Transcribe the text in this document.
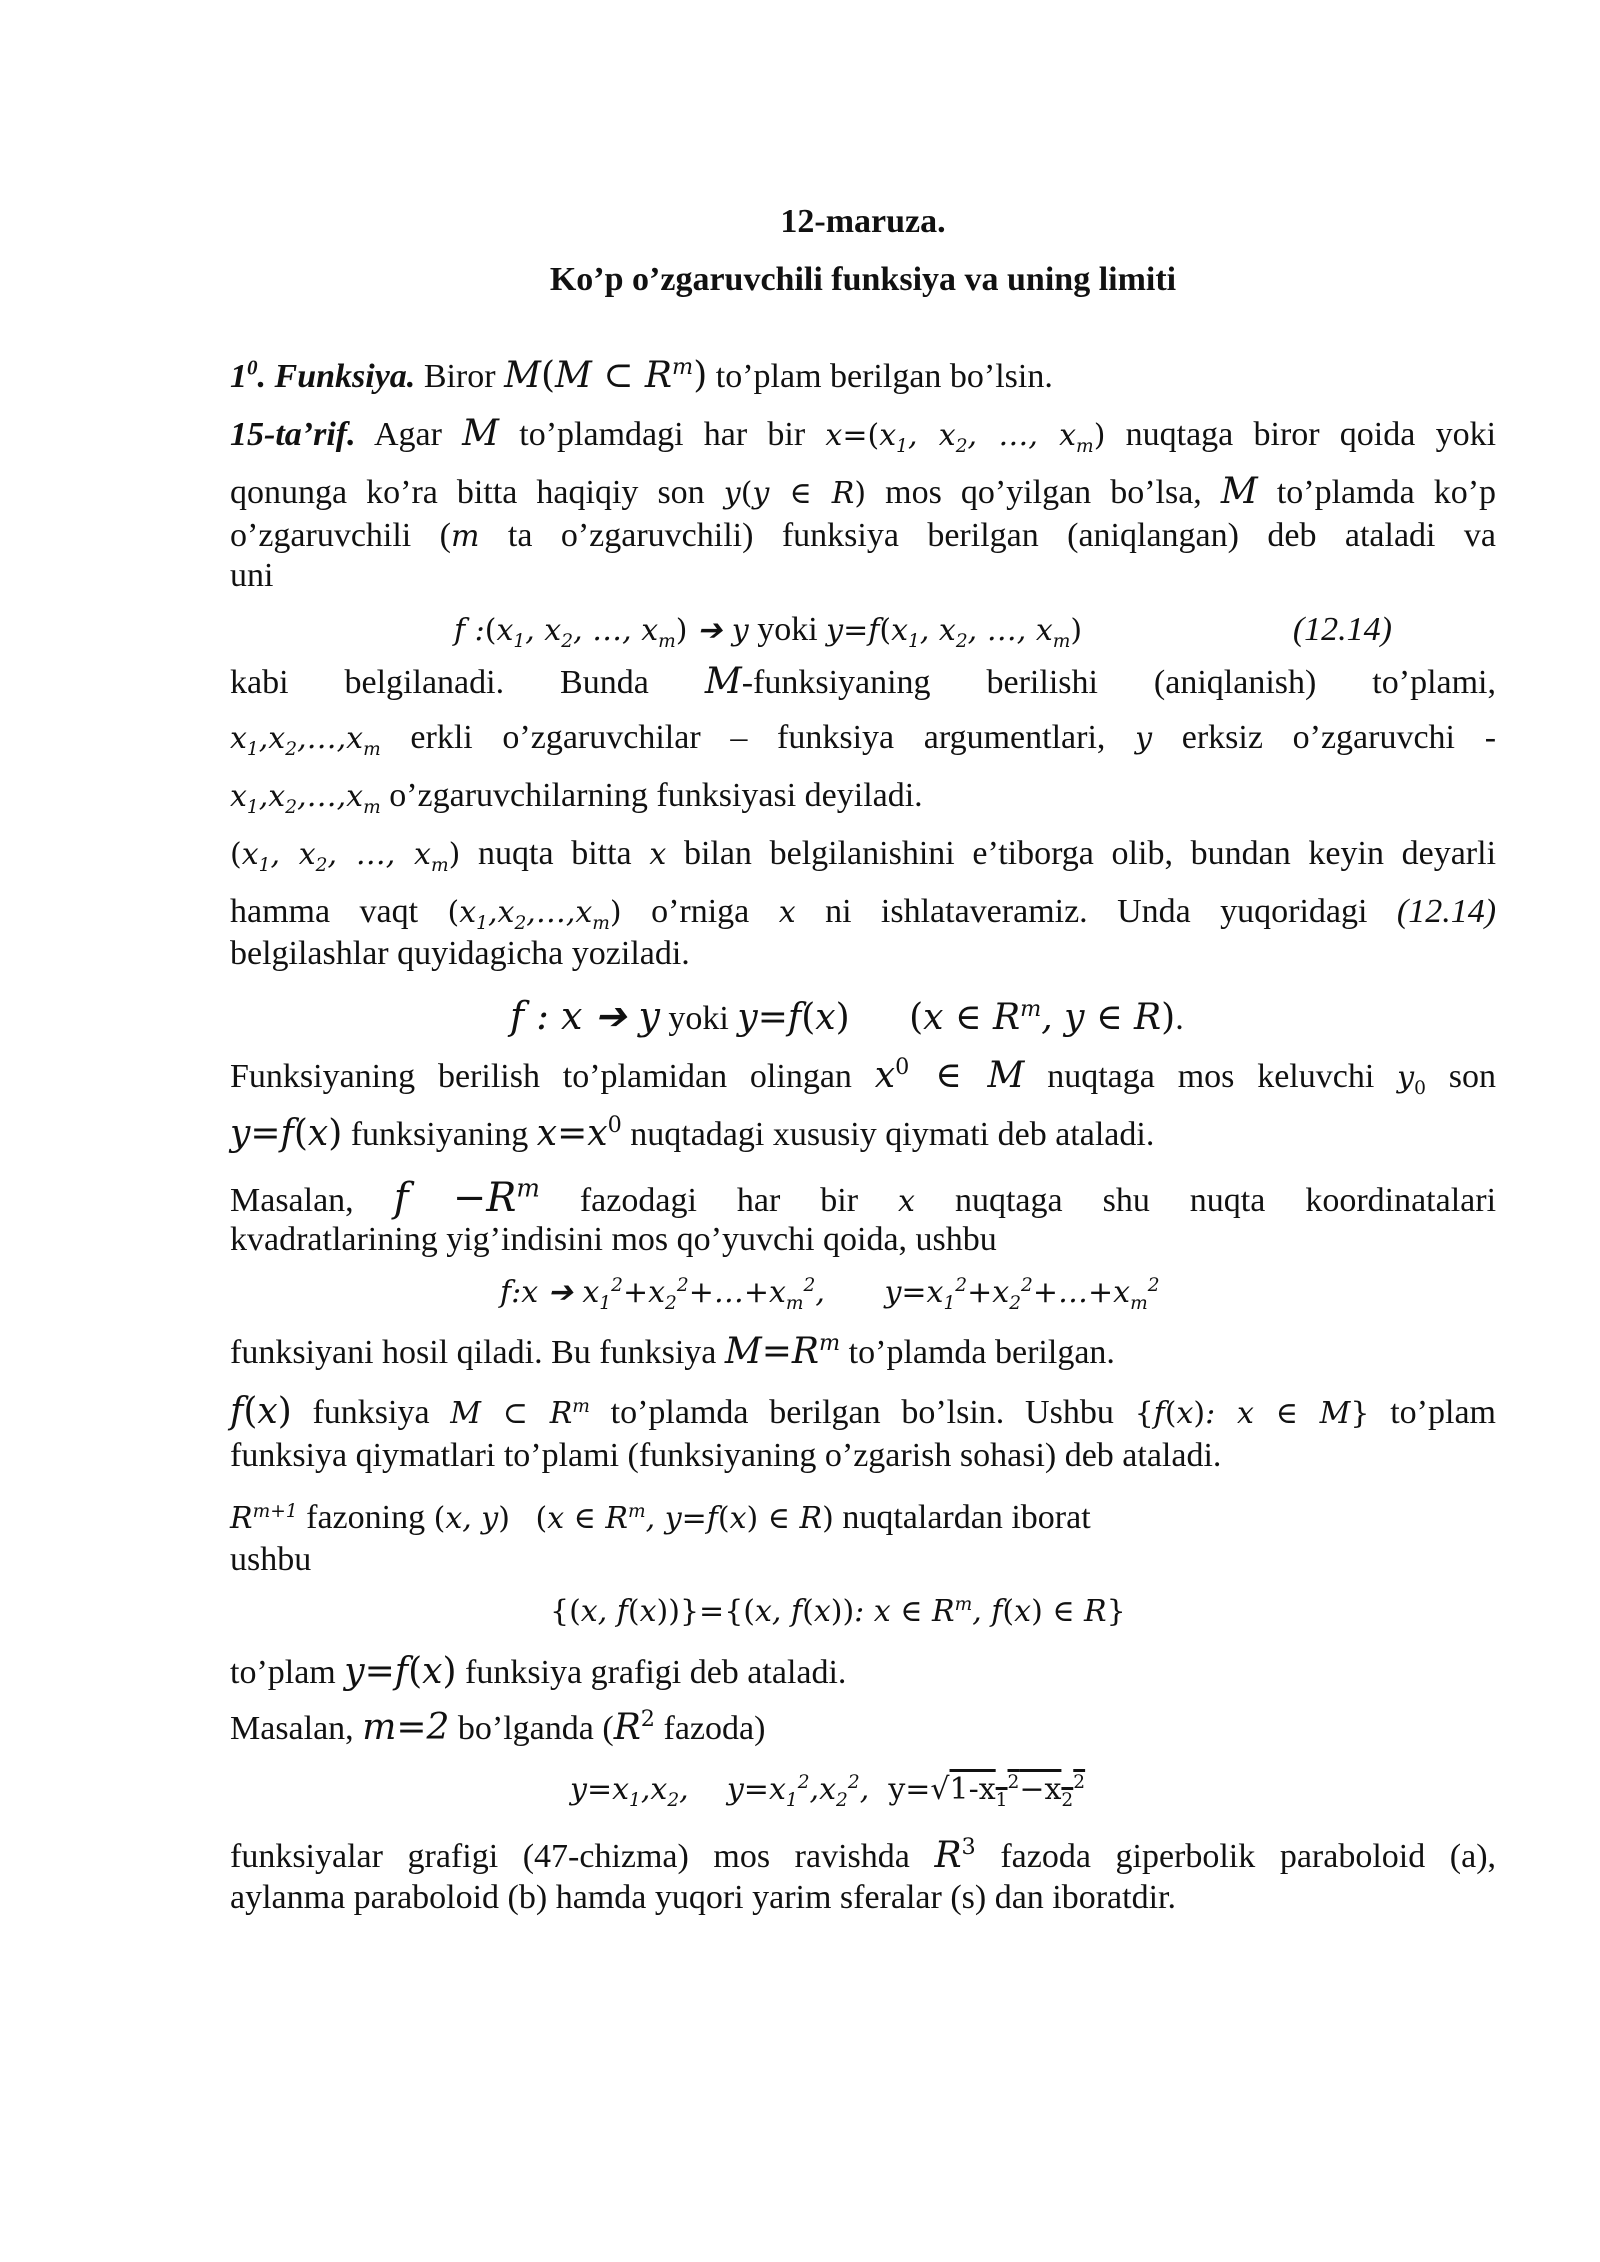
12-maruza.
Ko’p o’zgaruvchili funksiya va uning limiti
$1^0$. Funksiya. Biror M(M ⊂ $R^m$) to’plam berilgan bo’lsin.
15-ta’rif. Agar M to’plamdagi har bir $x=(x_1$, $x_2$, …, $x_m$) nuqtaga biror qoida yoki
qonunga ko’ra bitta haqiqiy son y(y ∈ R) mos qo’yilgan bo’lsa, M to’plamda ko’p
o’zgaruvchili (m ta o’zgaruvchili) funksiya berilgan (aniqlangan) deb ataladi va
uni
f $:(x_1$, $x_2$, …, $x_m$) ➔ y yoki $y=f(x_1$, $x_2$, …, $x_m$)	(12.14)
kabi belgilanadi. Bunda M-funksiyaning berilishi (aniqlanish) to’plami,
$x_1,x_2,\dots,x_m$ erkli o’zgaruvchilar – funksiya argumentlari, y erksiz o’zgaruvchi -
$x_1,x_2,\dots,x_m$ o’zgaruvchilarning funksiyasi deyiladi.
($x_1$, $x_2$, …, $x_m$) nuqta bitta x bilan belgilanishini e’tiborga olib, bundan keyin deyarli
hamma vaqt $(x_1,x_2,\dots,x_m)$ o’rniga x ni ishlataveramiz. Unda yuqoridagi (12.14)
belgilashlar quyidagicha yoziladi.
f : x ➔ y yoki y=f(x) (x ∈ $R^m$, y ∈ R).
Funksiyaning berilish to’plamidan olingan $x^0$ ∈ M nuqtaga mos keluvchi $y_0$ son
y=f(x) funksiyaning $x=x^0$ nuqtadagi xususiy qiymati deb ataladi.
Masalan, $f -R^m$ fazodagi har bir x nuqtaga shu nuqta koordinatalari
kvadratlarining yig’indisini mos qo’yuvchi qoida, ushbu
f:x ➔ $x_1^2+x_2^2+\dots+x_m^2$, $y=x_1^2+x_2^2+\dots+x_m^2$
funksiyani hosil qiladi. Bu funksiya $M=R^m$ to’plamda berilgan.
f(x) funksiya M ⊂ $R^m$ to’plamda berilgan bo’lsin. Ushbu {f(x): x ∈ M} to’plam
funksiya qiymatlari to’plami (funksiyaning o’zgarish sohasi) deb ataladi.
$R^{m+1}$ fazoning (x, y) (x ∈ $R^m$, y=f(x) ∈ R) nuqtalardan iborat
ushbu
{(x, f(x))}={(x, f(x)): x ∈ $R^m$, f(x) ∈ R}
to’plam y=f(x) funksiya grafigi deb ataladi.
Masalan, m=2 bo’lganda ($R^2$ fazoda)
$y=x_1,x_2$,    $y=x_1^2,x_2^2$,  $y=√1-x_1^2-x_2^2$
funksiyalar grafigi (47-chizma) mos ravishda $R^3$ fazoda giperbolik paraboloid (a),
aylanma paraboloid (b) hamda yuqori yarim sferalar (s) dan iboratdir.
